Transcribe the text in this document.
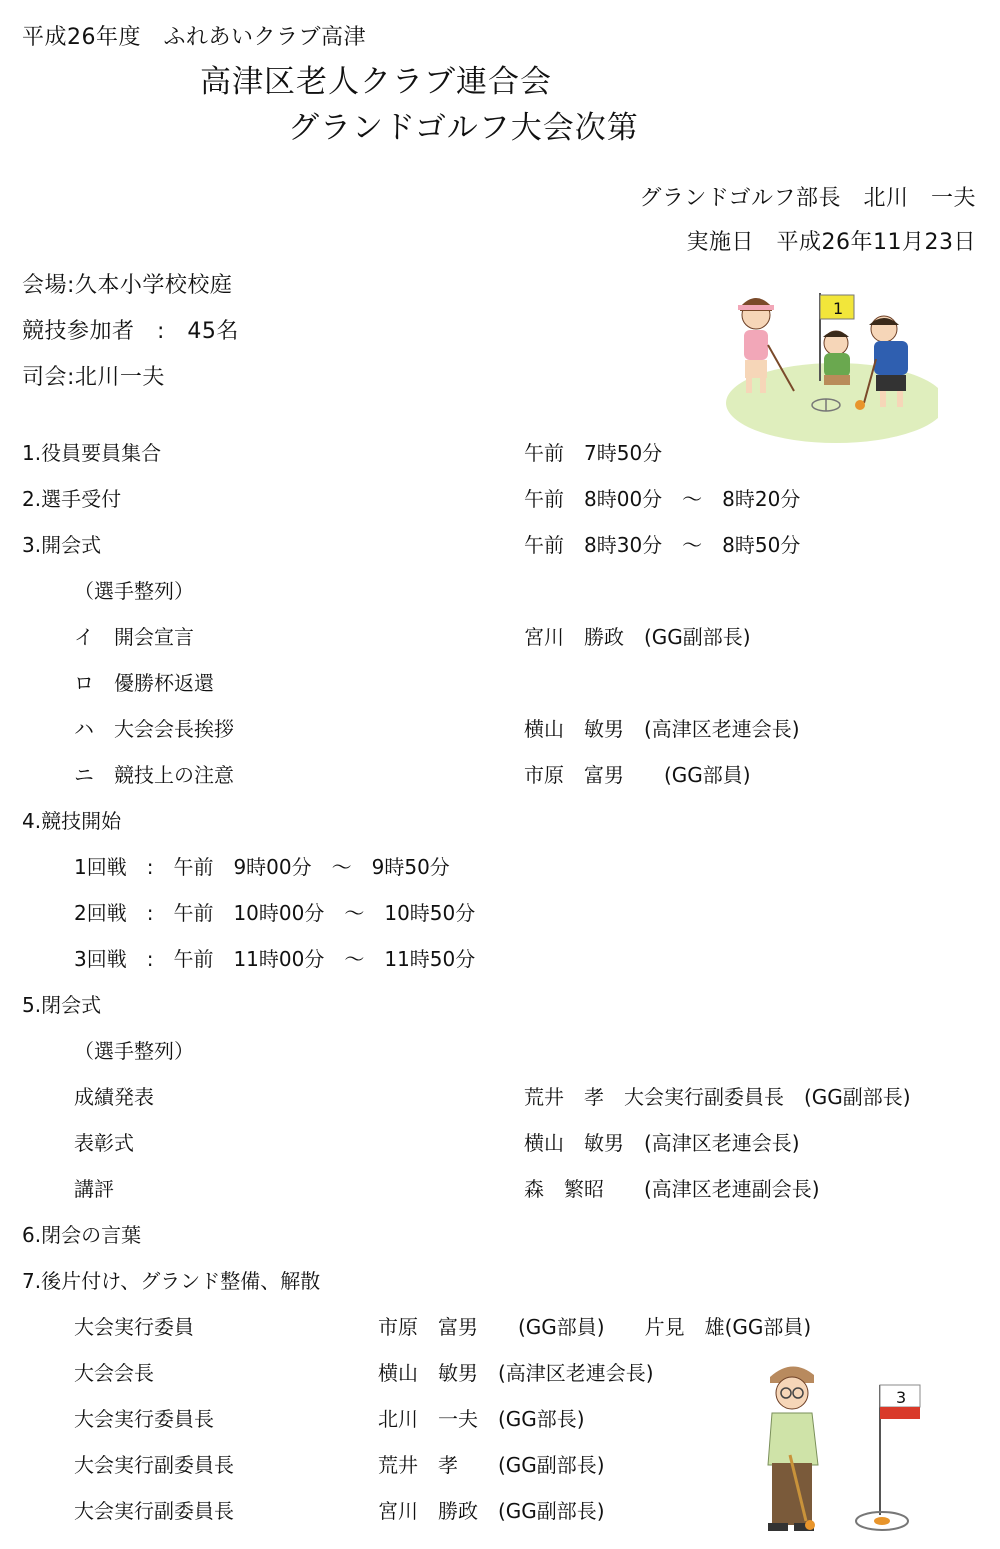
平成26年度　ふれあいクラブ高津
高津区老人クラブ連合会
グランドゴルフ大会次第
グランドゴルフ部長　北川　一夫
実施日　平成26年11月23日
会場:久本小学校校庭
競技参加者　:　45名
司会:北川一夫
1
1.役員要員集合	午前　7時50分
2.選手受付	午前　8時00分　～　8時20分
3.開会式	午前　8時30分　～　8時50分
（選手整列）
イ　開会宣言	宮川　勝政　(GG副部長)
ロ　優勝杯返還
ハ　大会会長挨拶	横山　敏男　(高津区老連会長)
ニ　競技上の注意	市原　富男　　(GG部員)
4.競技開始
1回戦　:　午前　9時00分　～　9時50分
2回戦　:　午前　10時00分　～　10時50分
3回戦　:　午前　11時00分　～　11時50分
5.閉会式
（選手整列）
成績発表	荒井　孝　大会実行副委員長　(GG副部長)
表彰式	横山　敏男　(高津区老連会長)
講評	森　繁昭　　(高津区老連副会長)
6.閉会の言葉
7.後片付け、グランド整備、解散
大会実行委員	市原　富男　　(GG部員)　　片見　雄(GG部員)
大会会長	横山　敏男　(高津区老連会長)
大会実行委員長	北川　一夫　(GG部長)
大会実行副委員長	荒井　孝　　(GG副部長)
大会実行副委員長	宮川　勝政　(GG副部長)
3
